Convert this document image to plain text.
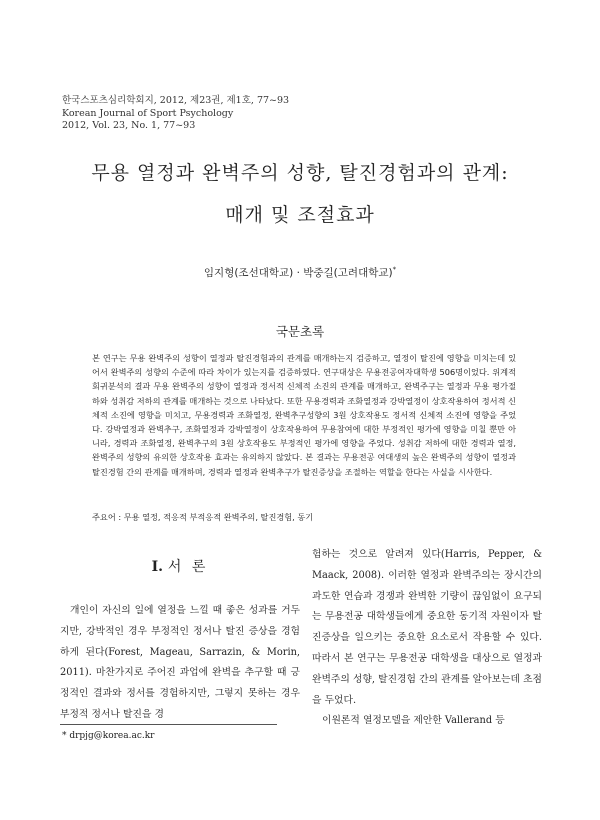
한국스포츠심리학회지, 2012, 제23권, 제1호, 77~93
Korean Journal of Sport Psychology
2012, Vol. 23, No. 1, 77~93
무용 열정과 완벽주의 성향, 탈진경험과의 관계:
매개 및 조절효과
임지형(조선대학교) · 박중길(고려대학교)*
국문초록

본 연구는 무용 완벽주의 성향이 열정과 탈진경험과의 관계를 매개하는지 검증하고, 열정이 탈진에 영향을 미치는데 있어서 완벽주의 성향의 수준에 따라 차이가 있는지를 검증하였다. 연구대상은 무용전공여자대학생 506명이었다. 위계적 회귀분석의 결과 무용 완벽주의 성향이 열정과 정서적 신체적 소진의 관계를 매개하고, 완벽주구는 열정과 무용 평가절하와 성취감 저하의 관계를 매개하는 것으로 나타났다. 또한 무용경력과 조화열정과 강박열정이 상호작용하여 정서적 신체적 소진에 영향을 미치고, 무용경력과 조화열정, 완벽추구성향의 3원 상호작용도 정서적 신체적 소진에 영향을 주었다. 강박열정과 완벽추구, 조화열정과 강박열정이 상호작용하여 무용참여에 대한 부정적인 평가에 영향을 미칠 뿐만 아니라, 경력과 조화열정, 완벽추구의 3원 상호작용도 부정적인 평가에 영향을 주었다. 성취감 저하에 대한 경력과 열정, 완벽주의 성향의 유의한 상호작용 효과는 유의하지 않았다. 본 결과는 무용전공 여대생의 높은 완벽주의 성향이 열정과 탈진경험 간의 관계를 매개하며, 경력과 열정과 완벽추구가 탈진증상을 조절하는 역할을 한다는 사실을 시사한다.

주요어 : 무용 열정, 적응적 부적응적 완벽주의, 탈진경험, 동기
I. 서 론

개인이 자신의 일에 열정을 느낄 때 좋은 성과를 거두지만, 강박적인 경우 부정적인 정서나 탈진 증상을 경험하게 된다(Forest, Mageau, Sarrazin, & Morin, 2011). 마찬가지로 주어진 과업에 완벽을 추구할 때 긍정적인 결과와 정서를 경험하지만, 그렇지 못하는 경우 부정적 정서나 탈진을 경

험하는 것으로 알려져 있다(Harris, Pepper, & Maack, 2008). 이러한 열정과 완벽주의는 장시간의 과도한 연습과 경쟁과 완벽한 기량이 끊임없이 요구되는 무용전공 대학생들에게 중요한 동기적 자원이자 탈진증상을 일으키는 중요한 요소로서 작용할 수 있다. 따라서 본 연구는 무용전공 대학생을 대상으로 열정과 완벽주의 성향, 탈진경험 간의 관계를 알아보는데 초점을 두었다.
이원론적 열정모델을 제안한 Vallerand 등
* drpjg@korea.ac.kr
